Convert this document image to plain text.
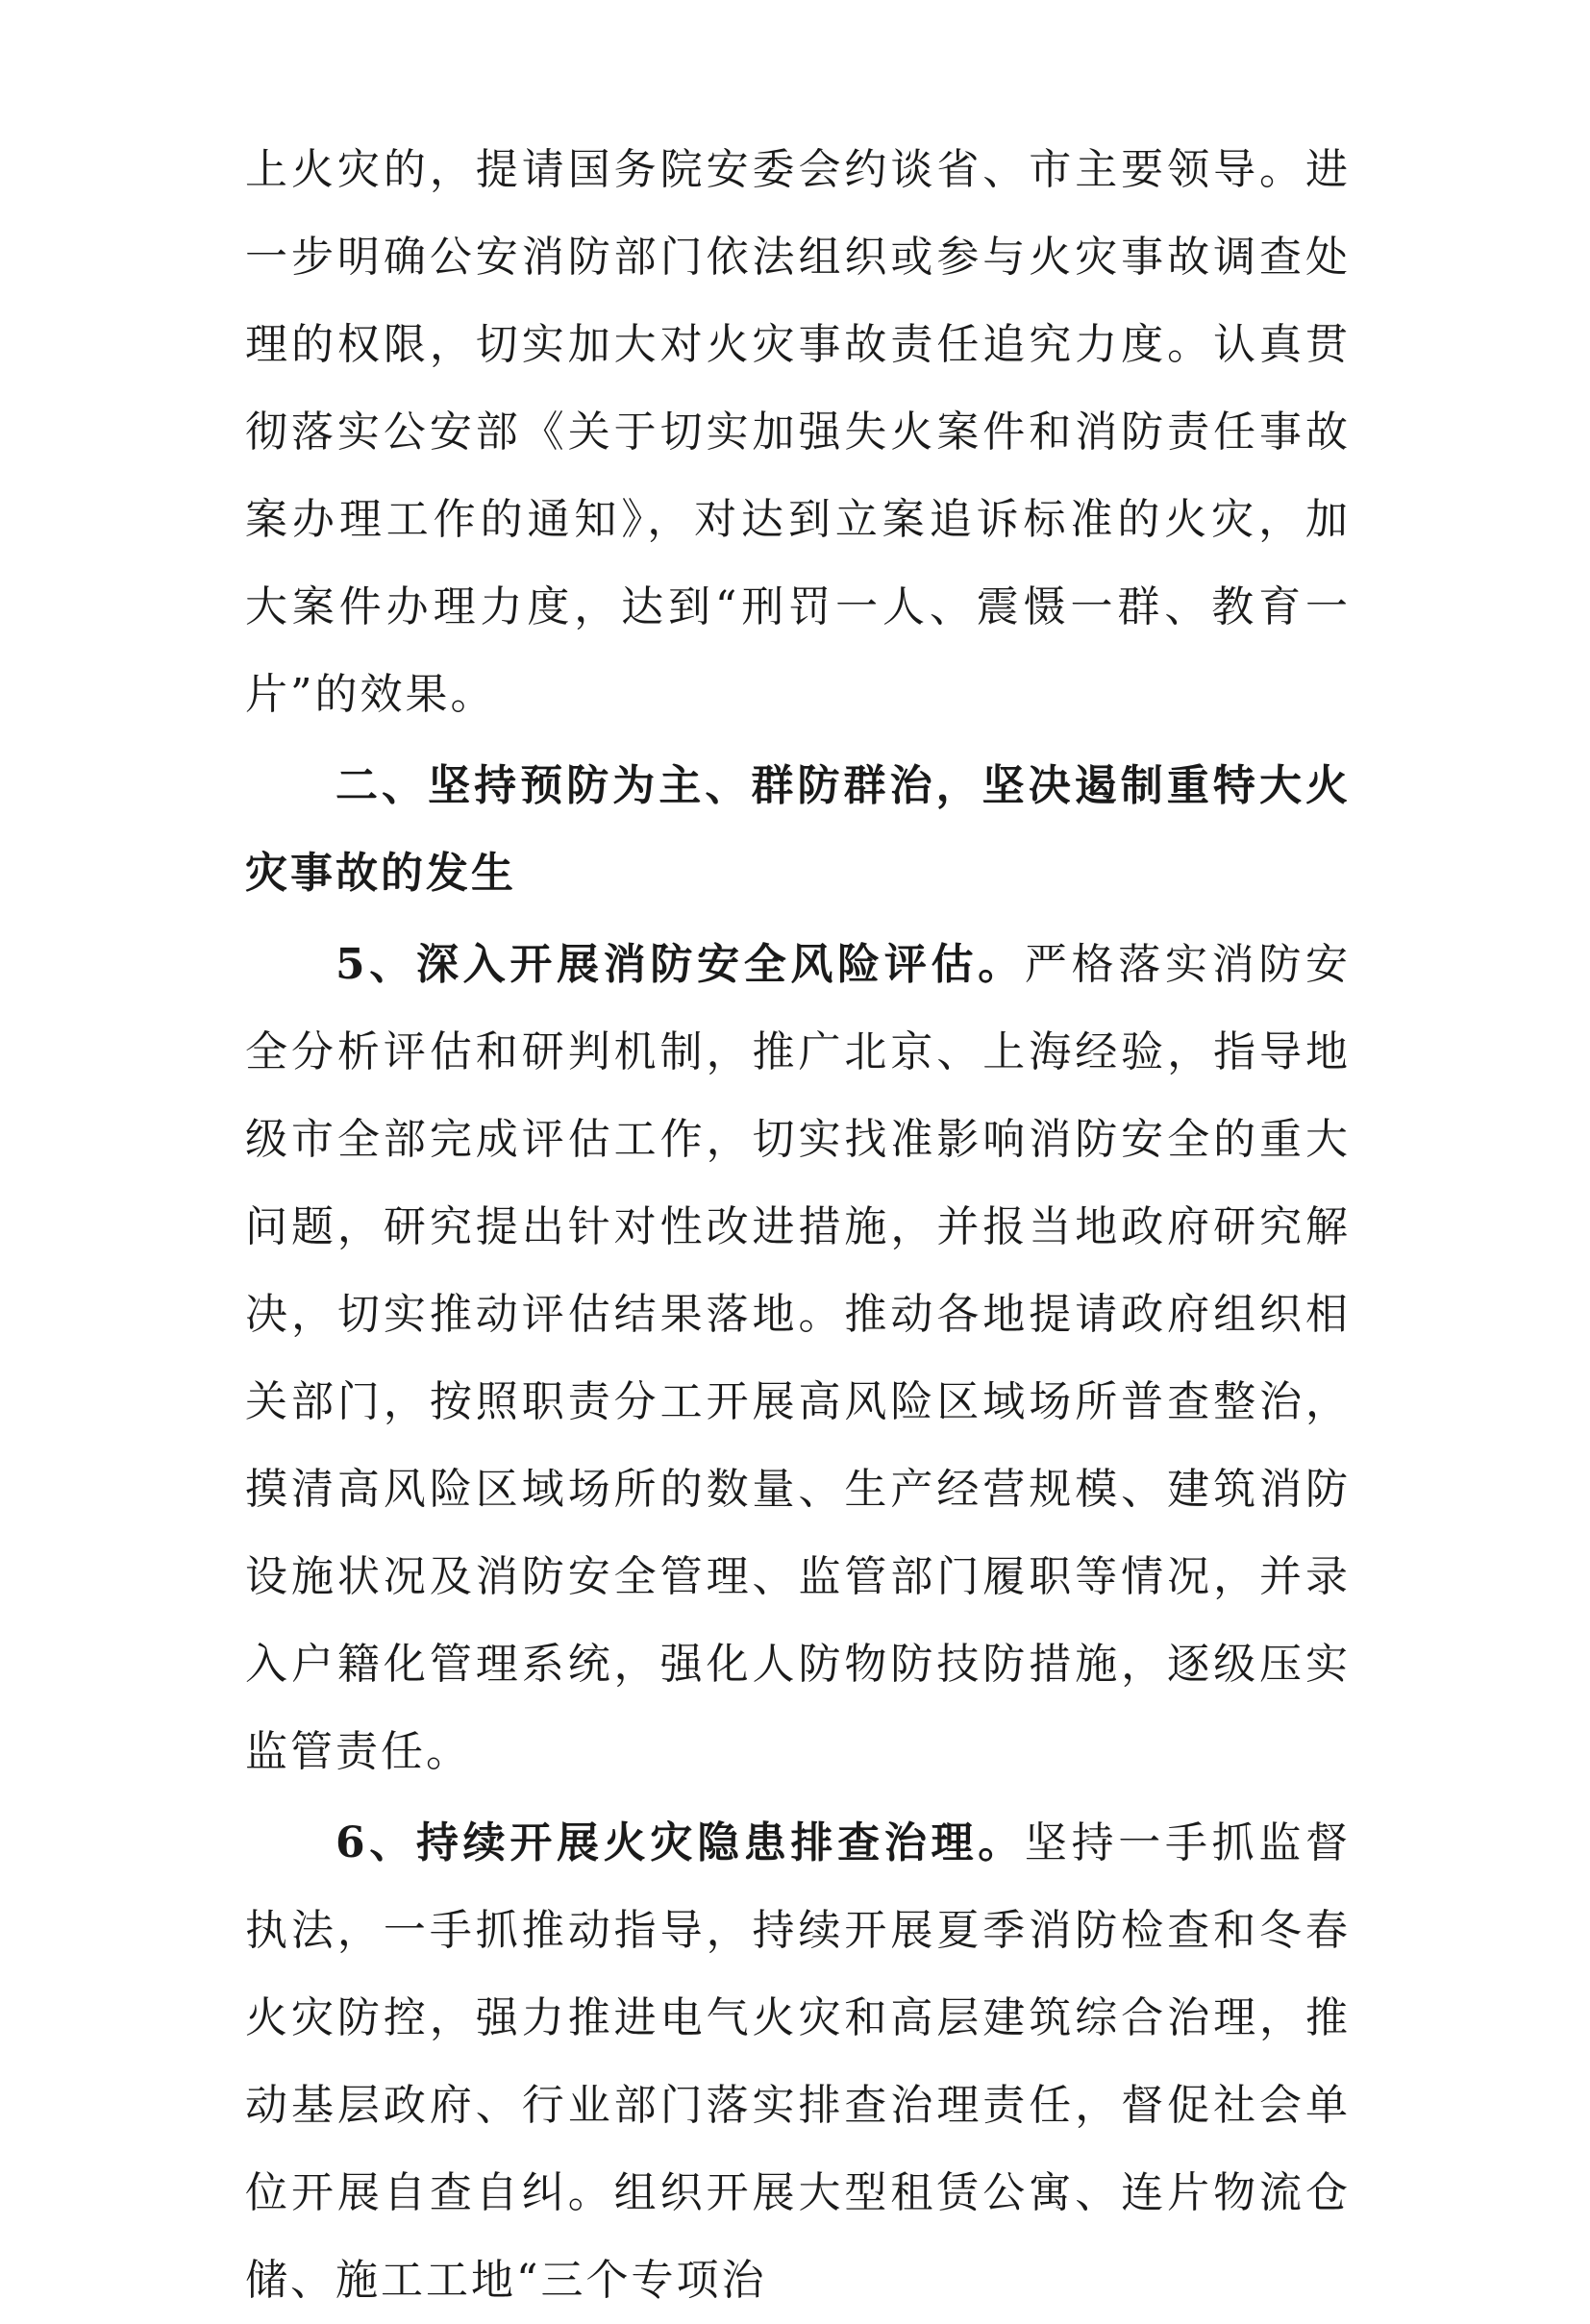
上火灾的，提请国务院安委会约谈省、市主要领导。进一步明确公安消防部门依法组织或参与火灾事故调查处理的权限，切实加大对火灾事故责任追究力度。认真贯彻落实公安部《关于切实加强失火案件和消防责任事故案办理工作的通知》，对达到立案追诉标准的火灾，加大案件办理力度，达到“刑罚一人、震慑一群、教育一片”的效果。

二、坚持预防为主、群防群治，坚决遏制重特大火灾事故的发生

5、深入开展消防安全风险评估。严格落实消防安全分析评估和研判机制，推广北京、上海经验，指导地级市全部完成评估工作，切实找准影响消防安全的重大问题，研究提出针对性改进措施，并报当地政府研究解决，切实推动评估结果落地。推动各地提请政府组织相关部门，按照职责分工开展高风险区域场所普查整治，摸清高风险区域场所的数量、生产经营规模、建筑消防设施状况及消防安全管理、监管部门履职等情况，并录入户籍化管理系统，强化人防物防技防措施，逐级压实监管责任。

6、持续开展火灾隐患排查治理。坚持一手抓监督执法，一手抓推动指导，持续开展夏季消防检查和冬春火灾防控，强力推进电气火灾和高层建筑综合治理，推动基层政府、行业部门落实排查治理责任，督促社会单位开展自查自纠。组织开展大型租赁公寓、连片物流仓储、施工工地“三个专项治
